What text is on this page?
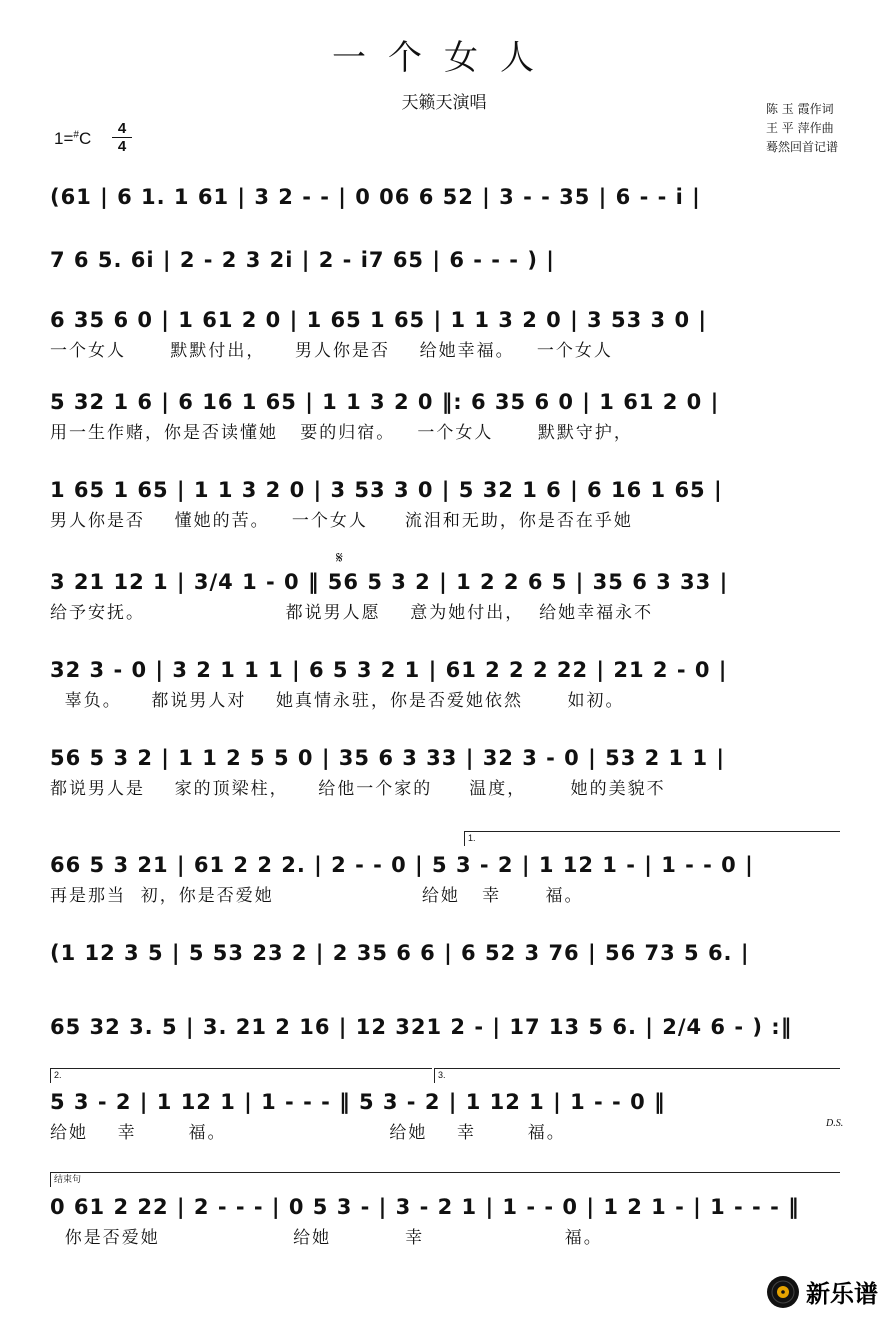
一个女人
天籁天演唱	陈 玉 霞作词
王 平 萍作曲
蓦然回首记谱
$1=^{\#}C \frac{4}{4}$
(61 | 6 1. 1 61 | 3 2 - - | 0 06 6 52 | 3 - - 35 | 6 - - i |
7 6 5. 6i | 2 - 2 3 2i | 2 - i7 65 | 6 - - - ) |
6 35 6 0 | 1 61 2 0 | 1 65 1 65 | 1 1 3 2 0 | 3 53 3 0 |
一个女人      默默付出，    男人你是否    给她幸福。   一个女人
5 32 1 6 | 6 16 1 65 | 1 1 3 2 0 ‖: 6 35 6 0 | 1 61 2 0 |
用一生作赌，你是否读懂她   要的归宿。   一个女人      默默守护，
1 65 1 65 | 1 1 3 2 0 | 3 53 3 0 | 5 32 1 6 | 6 16 1 65 |
男人你是否    懂她的苦。   一个女人     流泪和无助，你是否在乎她
𝄋
3 21 12 1 | 3/4 1 - 0 ‖ 56 5 3 2 | 1 2 2 6 5 | 35 6 3 33 |
给予安抚。                   都说男人愿    意为她付出，  给她幸福永不
32 3 - 0 | 3 2 1 1 1 | 6 5 3 2 1 | 61 2 2 2 22 | 21 2 - 0 |
辜负。    都说男人对    她真情永驻，你是否爱她依然      如初。
56 5 3 2 | 1 1 2 5 5 0 | 35 6 3 33 | 32 3 - 0 | 53 2 1 1 |
都说男人是    家的顶梁柱，    给他一个家的     温度，      她的美貌不
1.
66 5 3 21 | 61 2 2 2. | 2 - - 0 | 5 3 - 2 | 1 12 1 - | 1 - - 0 |
再是那当  初，你是否爱她                    给她   幸      福。
(1 12 3 5 | 5 53 23 2 | 2 35 6 6 | 6 52 3 76 | 56 73 5 6. |
65 32 3. 5 | 3. 21 2 16 | 12 321 2 - | 17 13 5 6. | 2/4 6 - ) :‖
2.	3.
5 3 - 2 | 1 12 1 | 1 - - - ‖ 5 3 - 2 | 1 12 1 | 1 - - 0 ‖
给她    幸       福。                      给她    幸       福。	D.S.
结束句
0 61 2 22 | 2 - - - | 0 5 3 - | 3 - 2 1 | 1 - - 0 | 1 2 1 - | 1 - - - ‖
你是否爱她                  给她          幸                   福。
新乐谱
